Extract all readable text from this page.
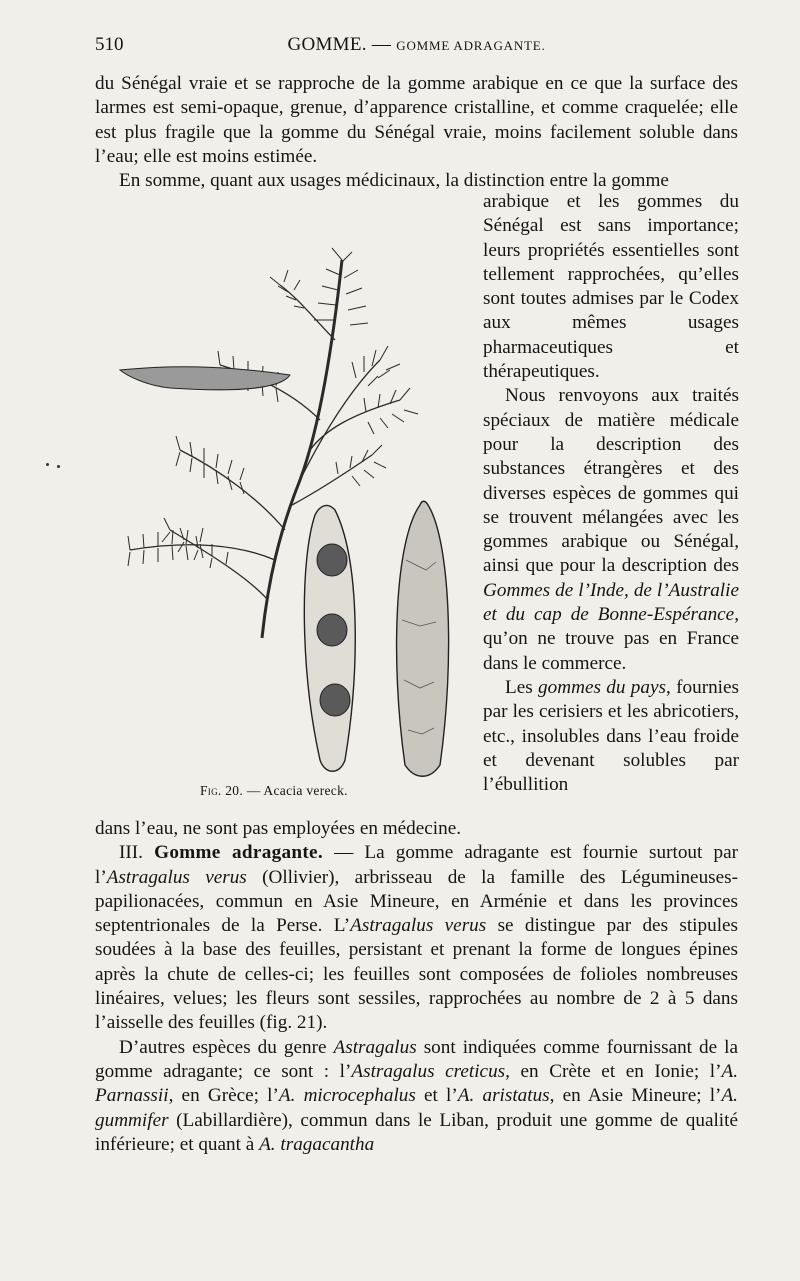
510	GOMME. — GOMME ADRAGANTE.

du Sénégal vraie et se rapproche de la gomme arabique en ce que la surface des larmes est semi-opaque, grenue, d’apparence cristalline, et comme craquelée; elle est plus fragile que la gomme du Sénégal vraie, moins facilement soluble dans l’eau; elle est moins estimée.

En somme, quant aux usages médicinaux, la distinction entre la gomme

Fig. 20. — Acacia vereck.

arabique et les gommes du Sénégal est sans importance; leurs propriétés essentielles sont tellement rapprochées, qu’elles sont toutes admises par le Codex aux mêmes usages pharmaceutiques et thérapeutiques.

Nous renvoyons aux traités spéciaux de matière médicale pour la description des substances étrangères et des diverses espèces de gommes qui se trouvent mélangées avec les gommes arabique ou Sénégal, ainsi que pour la description des Gommes de l’Inde, de l’Australie et du cap de Bonne-Espérance, qu’on ne trouve pas en France dans le commerce.

Les gommes du pays, fournies par les cerisiers et les abricotiers, etc., insolubles dans l’eau froide et devenant solubles par l’ébullition

dans l’eau, ne sont pas employées en médecine.

III. Gomme adragante. — La gomme adragante est fournie surtout par l’Astragalus verus (Ollivier), arbrisseau de la famille des Légumineuses-papilionacées, commun en Asie Mineure, en Arménie et dans les provinces septentrionales de la Perse. L’Astragalus verus se distingue par des stipules soudées à la base des feuilles, persistant et prenant la forme de longues épines après la chute de celles-ci; les feuilles sont composées de folioles nombreuses linéaires, velues; les fleurs sont sessiles, rapprochées au nombre de 2 à 5 dans l’aisselle des feuilles (fig. 21).

D’autres espèces du genre Astragalus sont indiquées comme fournissant de la gomme adragante; ce sont : l’Astragalus creticus, en Crète et en Ionie; l’A. Parnassii, en Grèce; l’A. microcephalus et l’A. aristatus, en Asie Mineure; l’A. gummifer (Labillardière), commun dans le Liban, produit une gomme de qualité inférieure; et quant à A. tragacantha
